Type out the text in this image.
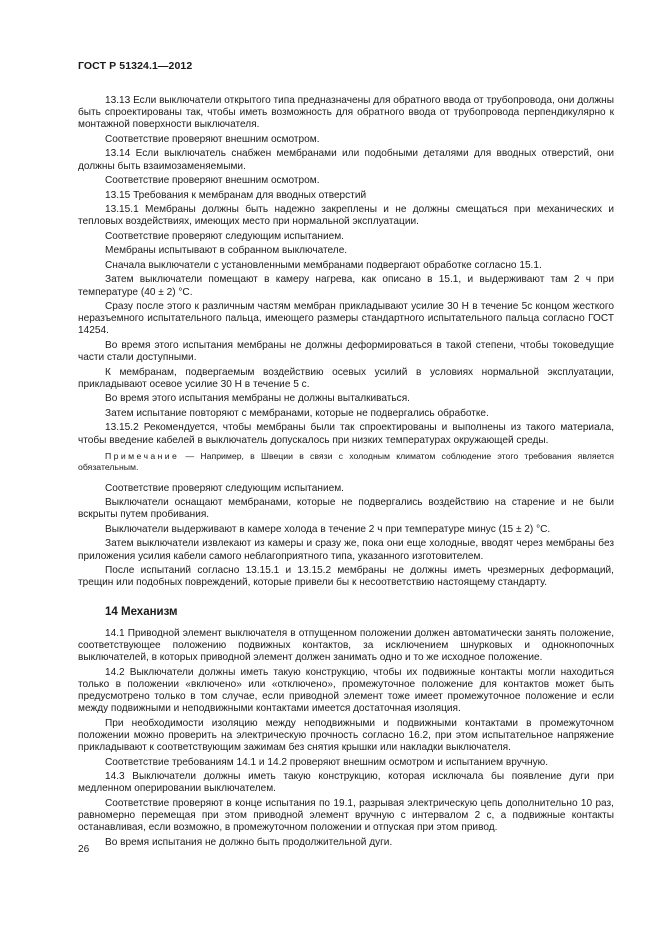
ГОСТ Р 51324.1—2012

13.13 Если выключатели открытого типа предназначены для обратного ввода от трубопровода, они должны быть спроектированы так, чтобы иметь возможность для обратного ввода от трубопровода перпендикулярно к монтажной поверхности выключателя.

Соответствие проверяют внешним осмотром.

13.14 Если выключатель снабжен мембранами или подобными деталями для вводных отверстий, они должны быть взаимозаменяемыми.

Соответствие проверяют внешним осмотром.

13.15 Требования к мембранам для вводных отверстий

13.15.1 Мембраны должны быть надежно закреплены и не должны смещаться при механических и тепловых воздействиях, имеющих место при нормальной эксплуатации.

Соответствие проверяют следующим испытанием.

Мембраны испытывают в собранном выключателе.

Сначала выключатели с установленными мембранами подвергают обработке согласно 15.1.

Затем выключатели помещают в камеру нагрева, как описано в 15.1, и выдерживают там 2 ч при температуре (40 ± 2) °С.

Сразу после этого к различным частям мембран прикладывают усилие 30 Н в течение 5с концом жесткого неразъемного испытательного пальца, имеющего размеры стандартного испытательного пальца согласно ГОСТ 14254.

Во время этого испытания мембраны не должны деформироваться в такой степени, чтобы токоведущие части стали доступными.

К мембранам, подвергаемым воздействию осевых усилий в условиях нормальной эксплуатации, прикладывают осевое усилие 30 Н в течение 5 с.

Во время этого испытания мембраны не должны выталкиваться.

Затем испытание повторяют с мембранами, которые не подвергались обработке.

13.15.2 Рекомендуется, чтобы мембраны были так спроектированы и выполнены из такого материала, чтобы введение кабелей в выключатель допускалось при низких температурах окружающей среды.

Примечание — Например, в Швеции в связи с холодным климатом соблюдение этого требования является обязательным.

Соответствие проверяют следующим испытанием.

Выключатели оснащают мембранами, которые не подвергались воздействию на старение и не были вскрыты путем пробивания.

Выключатели выдерживают в камере холода в течение 2 ч при температуре минус (15 ± 2) °С.

Затем выключатели извлекают из камеры и сразу же, пока они еще холодные, вводят через мембраны без приложения усилия кабели самого неблагоприятного типа, указанного изготовителем.

После испытаний согласно 13.15.1 и 13.15.2 мембраны не должны иметь чрезмерных деформаций, трещин или подобных повреждений, которые привели бы к несоответствию настоящему стандарту.

14 Механизм

14.1 Приводной элемент выключателя в отпущенном положении должен автоматически занять положение, соответствующее положению подвижных контактов, за исключением шнурковых и однокнопочных выключателей, в которых приводной элемент должен занимать одно и то же исходное положение.

14.2 Выключатели должны иметь такую конструкцию, чтобы их подвижные контакты могли находиться только в положении «включено» или «отключено», промежуточное положение для контактов может быть предусмотрено только в том случае, если приводной элемент тоже имеет промежуточное положение и если между подвижными и неподвижными контактами имеется достаточная изоляция.

При необходимости изоляцию между неподвижными и подвижными контактами в промежуточном положении можно проверить на электрическую прочность согласно 16.2, при этом испытательное напряжение прикладывают к соответствующим зажимам без снятия крышки или накладки выключателя.

Соответствие требованиям 14.1 и 14.2 проверяют внешним осмотром и испытанием вручную.

14.3 Выключатели должны иметь такую конструкцию, которая исключала бы появление дуги при медленном оперировании выключателем.

Соответствие проверяют в конце испытания по 19.1, разрывая электрическую цепь дополнительно 10 раз, равномерно перемещая при этом приводной элемент вручную с интервалом 2 с, а подвижные контакты останавливая, если возможно, в промежуточном положении и отпуская при этом привод.

Во время испытания не должно быть продолжительной дуги.

26
